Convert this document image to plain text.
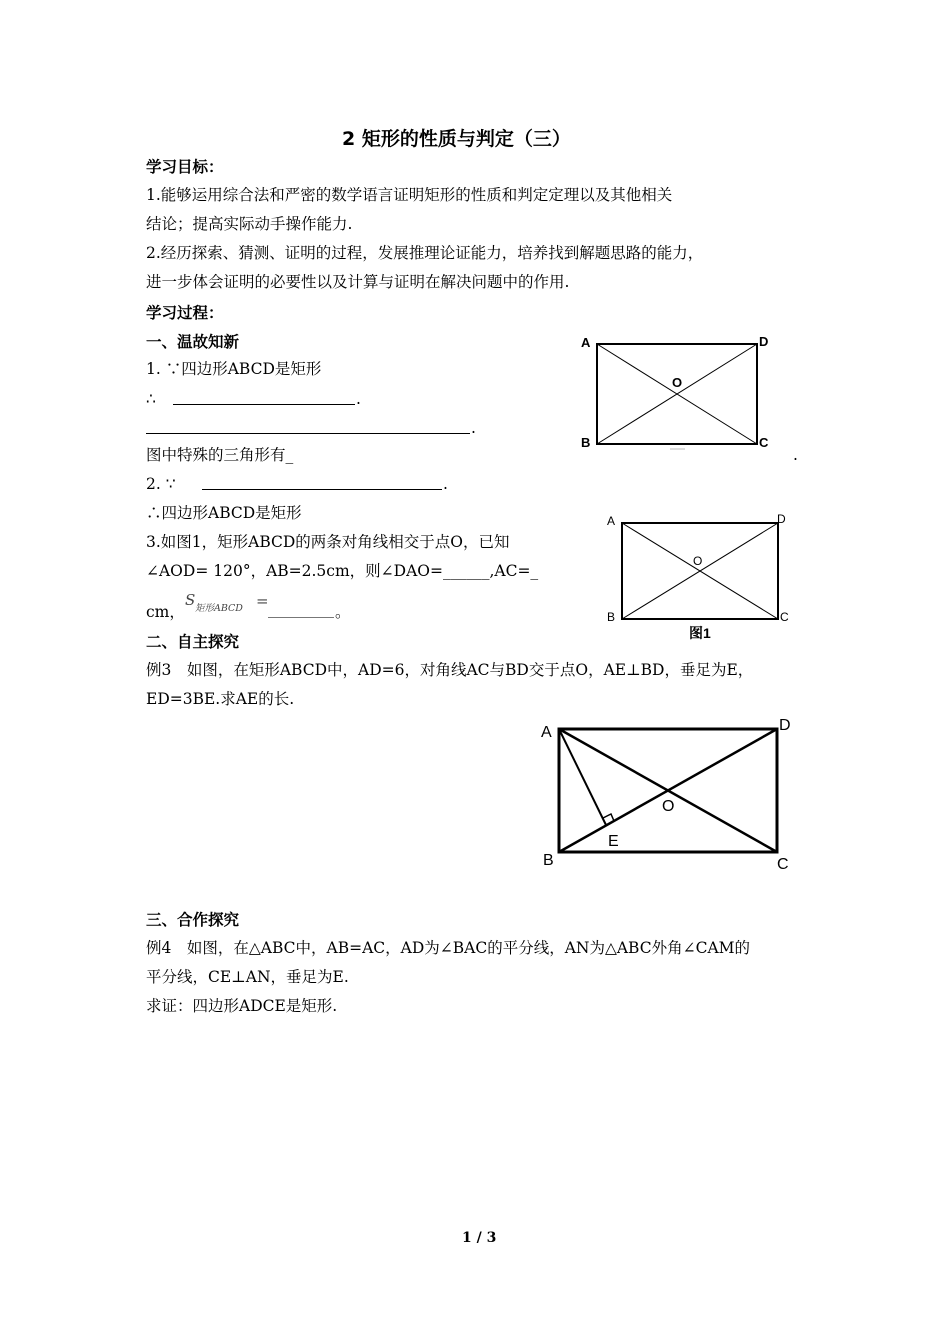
2 矩形的性质与判定（三）
学习目标：
1.能够运用综合法和严密的数学语言证明矩形的性质和判定定理以及其他相关
结论；提高实际动手操作能力.
2.经历探索、猜测、证明的过程，发展推理论证能力，培养找到解题思路的能力，
进一步体会证明的必要性以及计算与证明在解决问题中的作用.
学习过程：
一、温故知新
1. ∵四边形ABCD是矩形
∴	.
.
图中特殊的三角形有_	.
2. ∵	.
∴四边形ABCD是矩形
3.如图1，矩形ABCD的两条对角线相交于点O，已知
∠AOD= 120°，AB=2.5cm，则∠DAO=______,AC=_
cm，
S 矩形ABCD =
。
二、自主探究
例3　如图，在矩形ABCD中，AD=6，对角线AC与BD交于点O，AE⊥BD，垂足为E，
ED=3BE.求AE的长.
三、合作探究
例4　如图，在△ABC中，AB=AC，AD为∠BAC的平分线，AN为△ABC外角∠CAM的
平分线，CE⊥AN，垂足为E.
求证：四边形ADCE是矩形.
A	D
B	C
O
A	D
B	C
O
图1
A	D
B	C
O
E
1 / 3
